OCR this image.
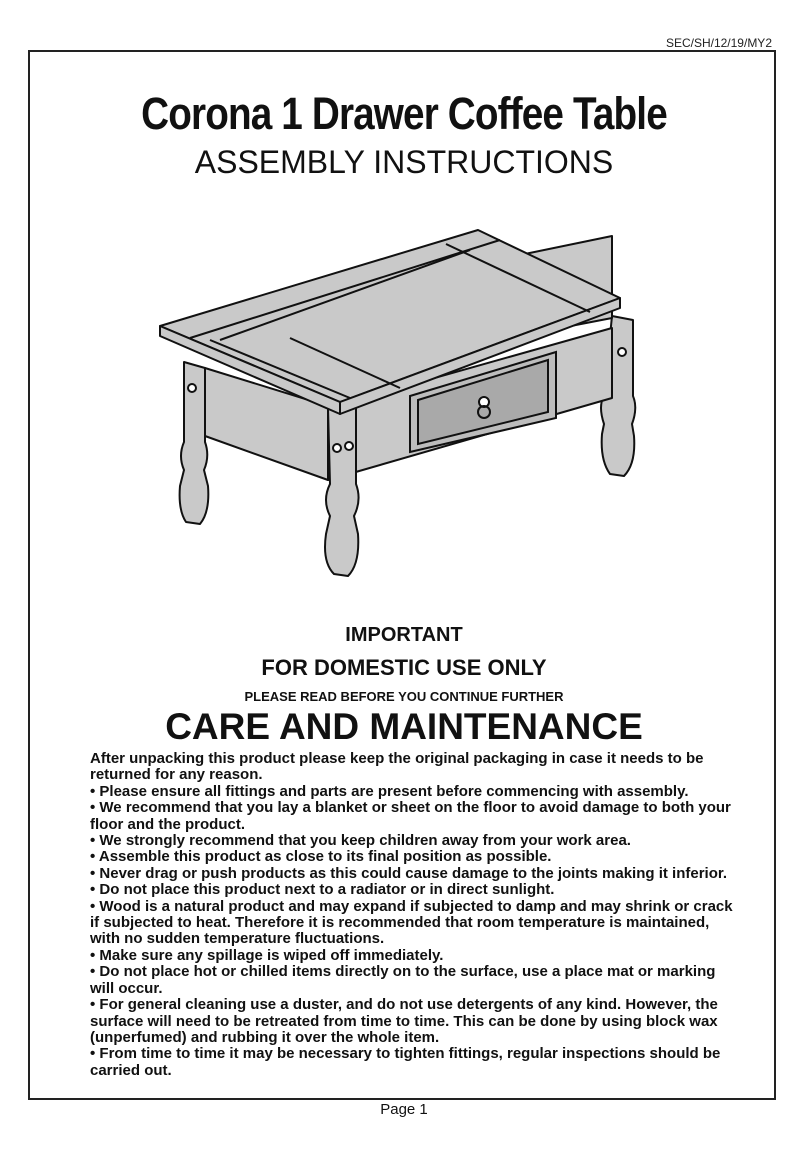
SEC/SH/12/19/MY2
Corona 1 Drawer Coffee Table
ASSEMBLY INSTRUCTIONS
IMPORTANT
FOR DOMESTIC USE ONLY
PLEASE READ BEFORE YOU CONTINUE FURTHER
CARE AND MAINTENANCE

After unpacking this product please keep the original packaging in case it needs to be returned for any reason.

• Please ensure all fittings and parts are present before commencing with assembly.

• We recommend that you lay a blanket or sheet on the floor to avoid damage to both your floor and the product.

• We strongly recommend that you keep children away from your work area.

• Assemble this product as close to its final position as possible.

• Never drag or push products as this could cause damage to the joints making it inferior.

• Do not place this product next to a radiator or in direct sunlight.

• Wood is a natural product and may expand if subjected to damp and may shrink or crack if subjected to heat. Therefore it is recommended that room temperature is maintained, with no sudden temperature fluctuations.

• Make sure any spillage is wiped off immediately.

• Do not place hot or chilled items directly on to the surface, use a place mat or marking will occur.

• For general cleaning use a duster, and do not use detergents of any kind. However, the surface will need to be retreated from time to time. This can be done by using block wax (unperfumed) and rubbing it over the whole item.

• From time to time it may be necessary to tighten fittings, regular inspections should be carried out.

Page 1
